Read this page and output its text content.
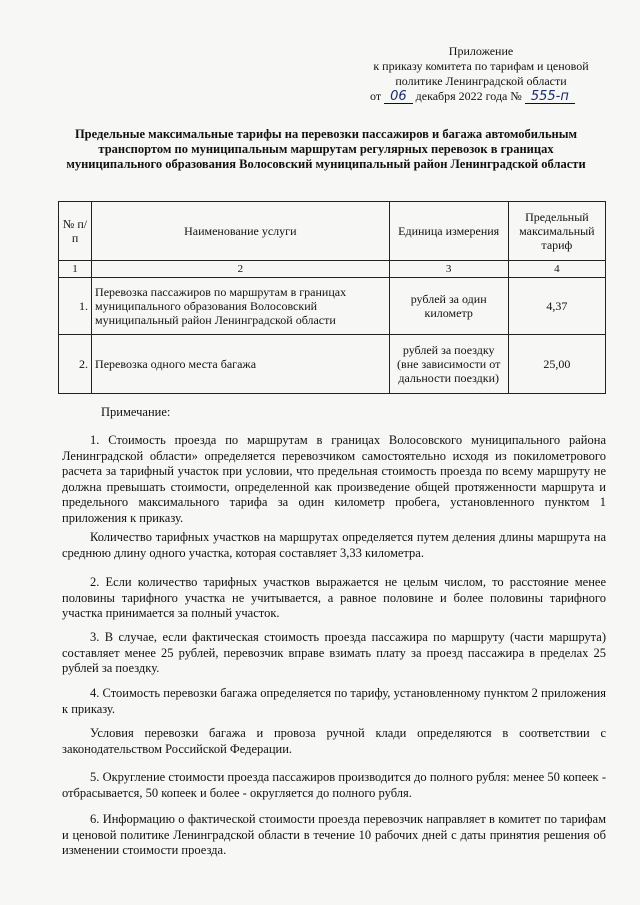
Приложение
к приказу комитета по тарифам и ценовой
политике Ленинградской области
от 06 декабря 2022 года № 555-п
Предельные максимальные тарифы на перевозки пассажиров и багажа автомобильным транспортом по муниципальным маршрутам регулярных перевозок в границах муниципального образования Волосовский муниципальный район Ленинградской области
№ п/п	Наименование услуги	Единица измерения	Предельный максимальный тариф
1	2	3	4
1.	Перевозка пассажиров по маршрутам в границах муниципального образования Волосовский муниципальный район Ленинградской области	рублей за один километр	4,37
2.	Перевозка одного места багажа	рублей за поездку (вне зависимости от дальности поездки)	25,00
Примечание:
1. Стоимость проезда по маршрутам в границах Волосовского муниципального района Ленинградской области» определяется перевозчиком самостоятельно исходя из покилометрового расчета за тарифный участок при условии, что предельная стоимость проезда по всему маршруту не должна превышать стоимости, определенной как произведение общей протяженности маршрута и предельного максимального тарифа за один километр пробега, установленного пунктом 1 приложения к приказу.
Количество тарифных участков на маршрутах определяется путем деления длины маршрута на среднюю длину одного участка, которая составляет 3,33 километра.
2. Если количество тарифных участков выражается не целым числом, то расстояние менее половины тарифного участка не учитывается, а равное половине и более половины тарифного участка принимается за полный участок.
3. В случае, если фактическая стоимость проезда пассажира по маршруту (части маршрута) составляет менее 25 рублей, перевозчик вправе взимать плату за проезд пассажира в пределах 25 рублей за поездку.
4. Стоимость перевозки багажа определяется по тарифу, установленному пунктом 2 приложения к приказу.
Условия перевозки багажа и провоза ручной клади определяются в соответствии с законодательством Российской Федерации.
5. Округление стоимости проезда пассажиров производится до полного рубля: менее 50 копеек - отбрасывается, 50 копеек и более - округляется до полного рубля.
6. Информацию о фактической стоимости проезда перевозчик направляет в комитет по тарифам и ценовой политике Ленинградской области в течение 10 рабочих дней с даты принятия решения об изменении стоимости проезда.
